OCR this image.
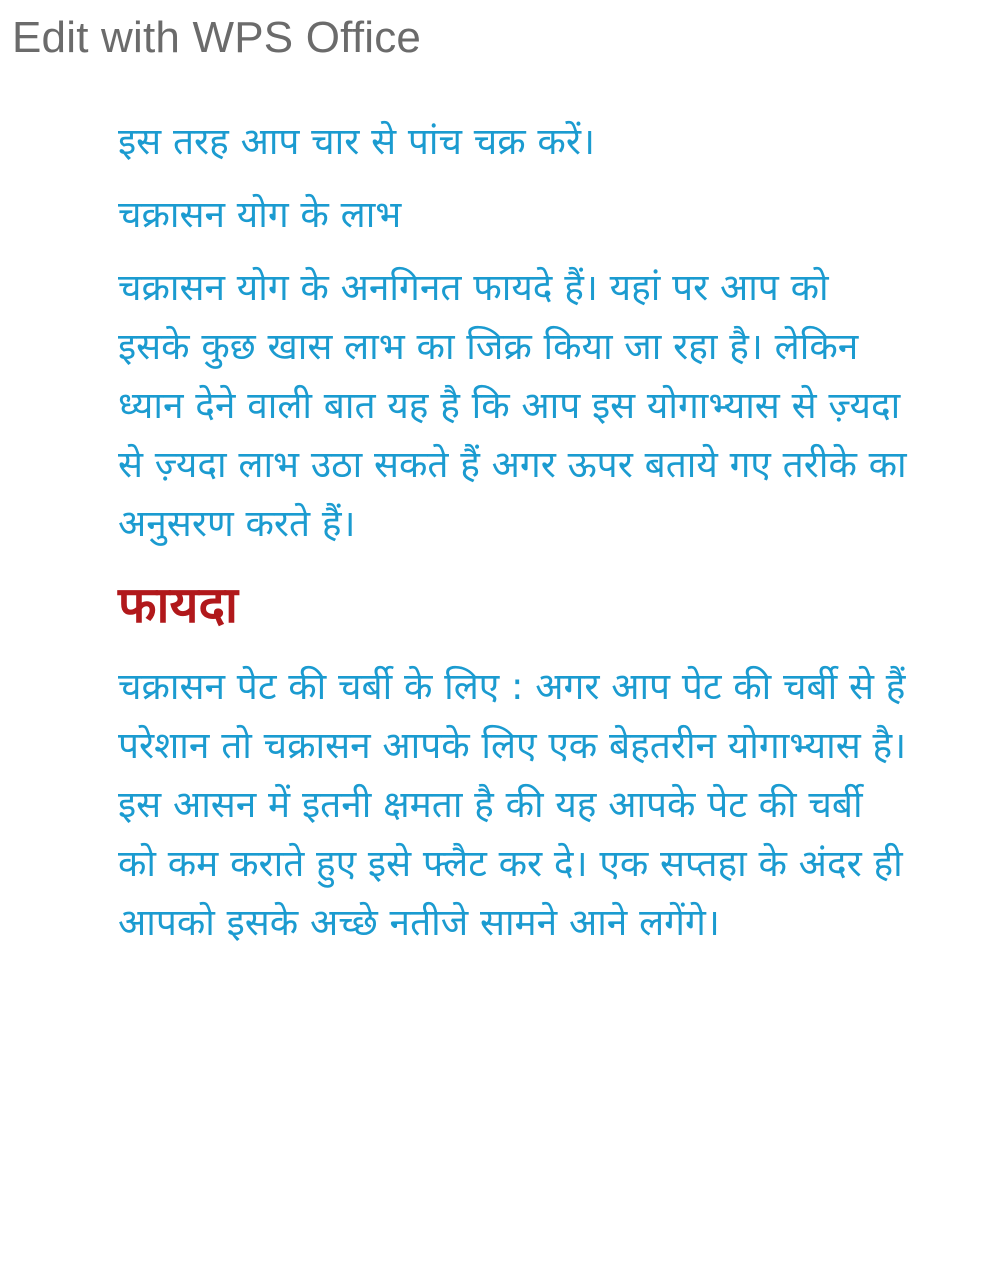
Edit with WPS Office

इस तरह आप चार से पांच चक्र करें।

चक्रासन योग के लाभ

चक्रासन योग के अनगिनत फायदे हैं। यहां पर आप को इसके कुछ खास लाभ का जिक्र किया जा रहा है। लेकिन ध्यान देने वाली बात यह है कि आप इस योगाभ्यास से ज़्यदा से ज़्यदा लाभ उठा सकते हैं अगर ऊपर बताये गए तरीके का अनुसरण करते हैं।

फायदा

चक्रासन पेट की चर्बी के लिए : अगर आप पेट की चर्बी से हैं परेशान तो चक्रासन आपके लिए एक बेहतरीन योगाभ्यास है। इस आसन में इतनी क्षमता है की यह आपके पेट की चर्बी को कम कराते हुए इसे फ्लैट कर दे। एक सप्तहा के अंदर ही आपको इसके अच्छे नतीजे सामने आने लगेंगे।
